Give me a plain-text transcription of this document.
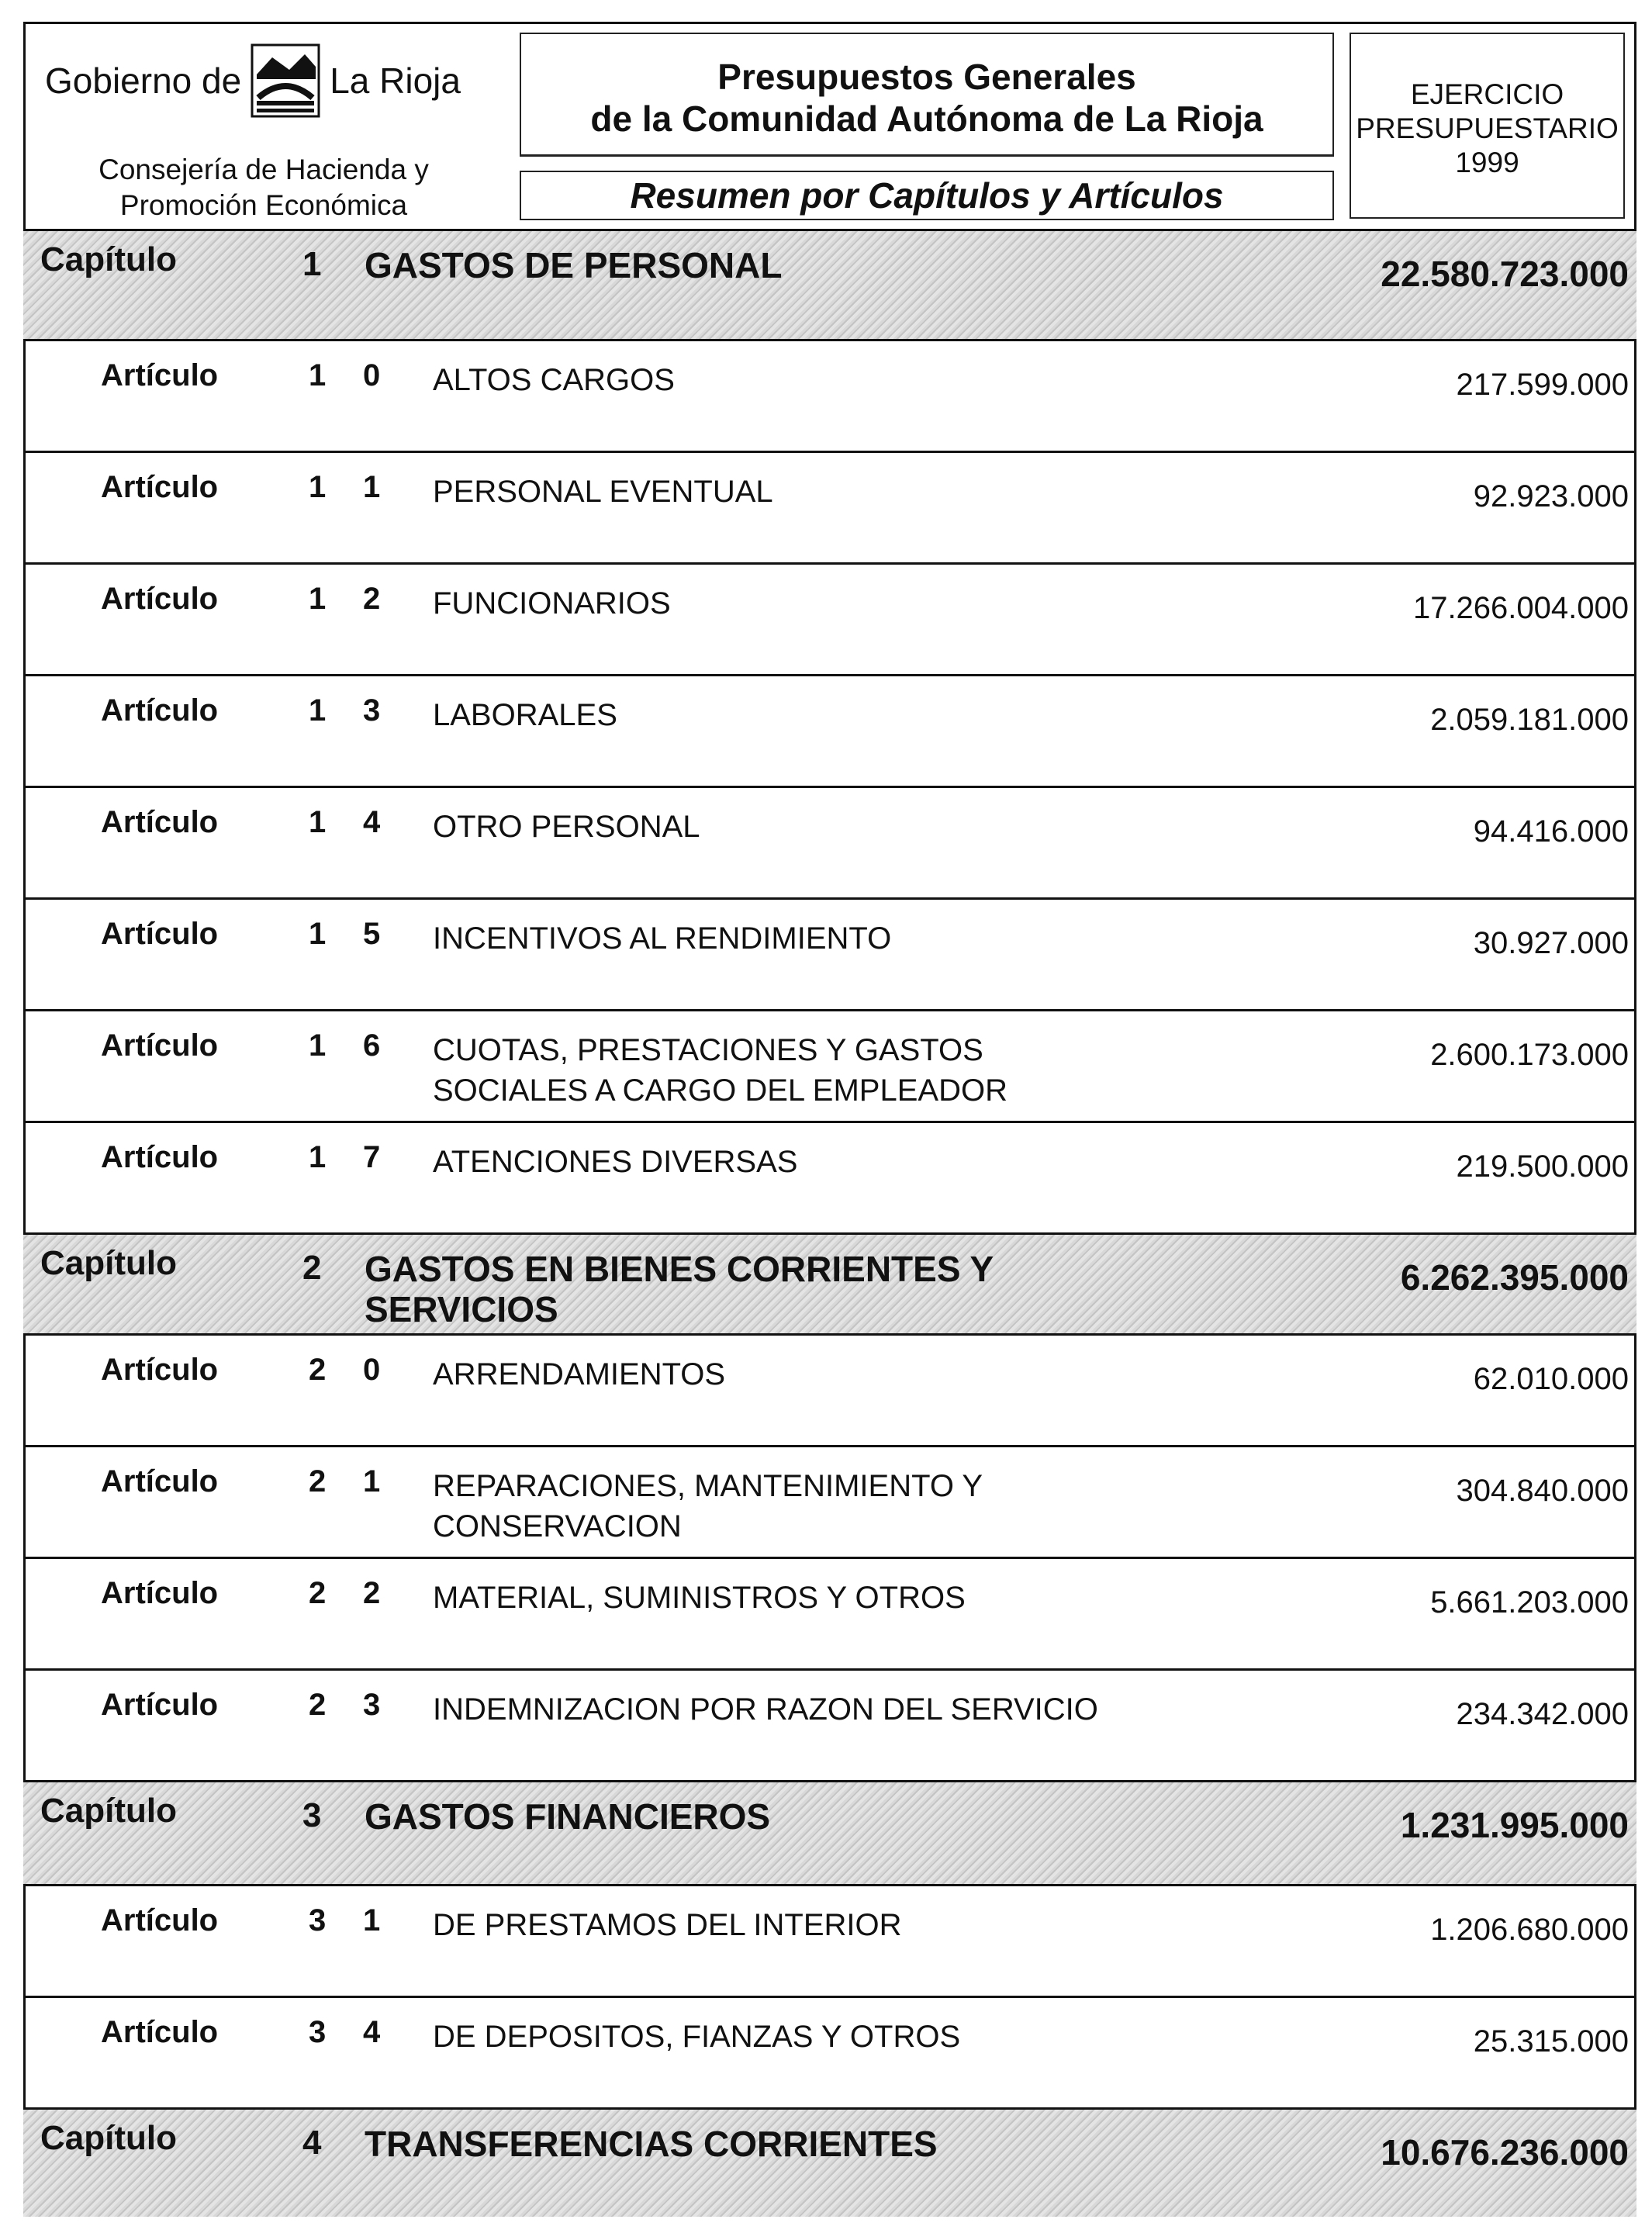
Gobierno de La Rioja
Consejería de Hacienda y
Promoción Económica
Presupuestos Generales
de la Comunidad Autónoma de La Rioja
Resumen por Capítulos y Artículos
EJERCICIO
PRESUPUESTARIO
1999
Capítulo	1 GASTOS DE PERSONAL	22.580.723.000
Artículo	1 0 ALTOS CARGOS	217.599.000
Artículo	1 1 PERSONAL EVENTUAL	92.923.000
Artículo	1 2 FUNCIONARIOS	17.266.004.000
Artículo	1 3 LABORALES	2.059.181.000
Artículo	1 4 OTRO PERSONAL	94.416.000
Artículo	1 5 INCENTIVOS AL RENDIMIENTO	30.927.000
Artículo	1 6 CUOTAS, PRESTACIONES Y GASTOS
SOCIALES A CARGO DEL EMPLEADOR
2.600.173.000
Artículo	1 7 ATENCIONES DIVERSAS	219.500.000
Capítulo	2 GASTOS EN BIENES CORRIENTES Y
SERVICIOS
6.262.395.000
Artículo	2 0 ARRENDAMIENTOS	62.010.000
Artículo	2 1 REPARACIONES, MANTENIMIENTO Y
CONSERVACION
304.840.000
Artículo	2 2 MATERIAL, SUMINISTROS Y OTROS	5.661.203.000
Artículo	2 3 INDEMNIZACION POR RAZON DEL SERVICIO	234.342.000
Capítulo	3 GASTOS FINANCIEROS	1.231.995.000
Artículo	3 1 DE PRESTAMOS DEL INTERIOR	1.206.680.000
Artículo	3 4 DE DEPOSITOS, FIANZAS Y OTROS	25.315.000
Capítulo	4 TRANSFERENCIAS CORRIENTES	10.676.236.000
